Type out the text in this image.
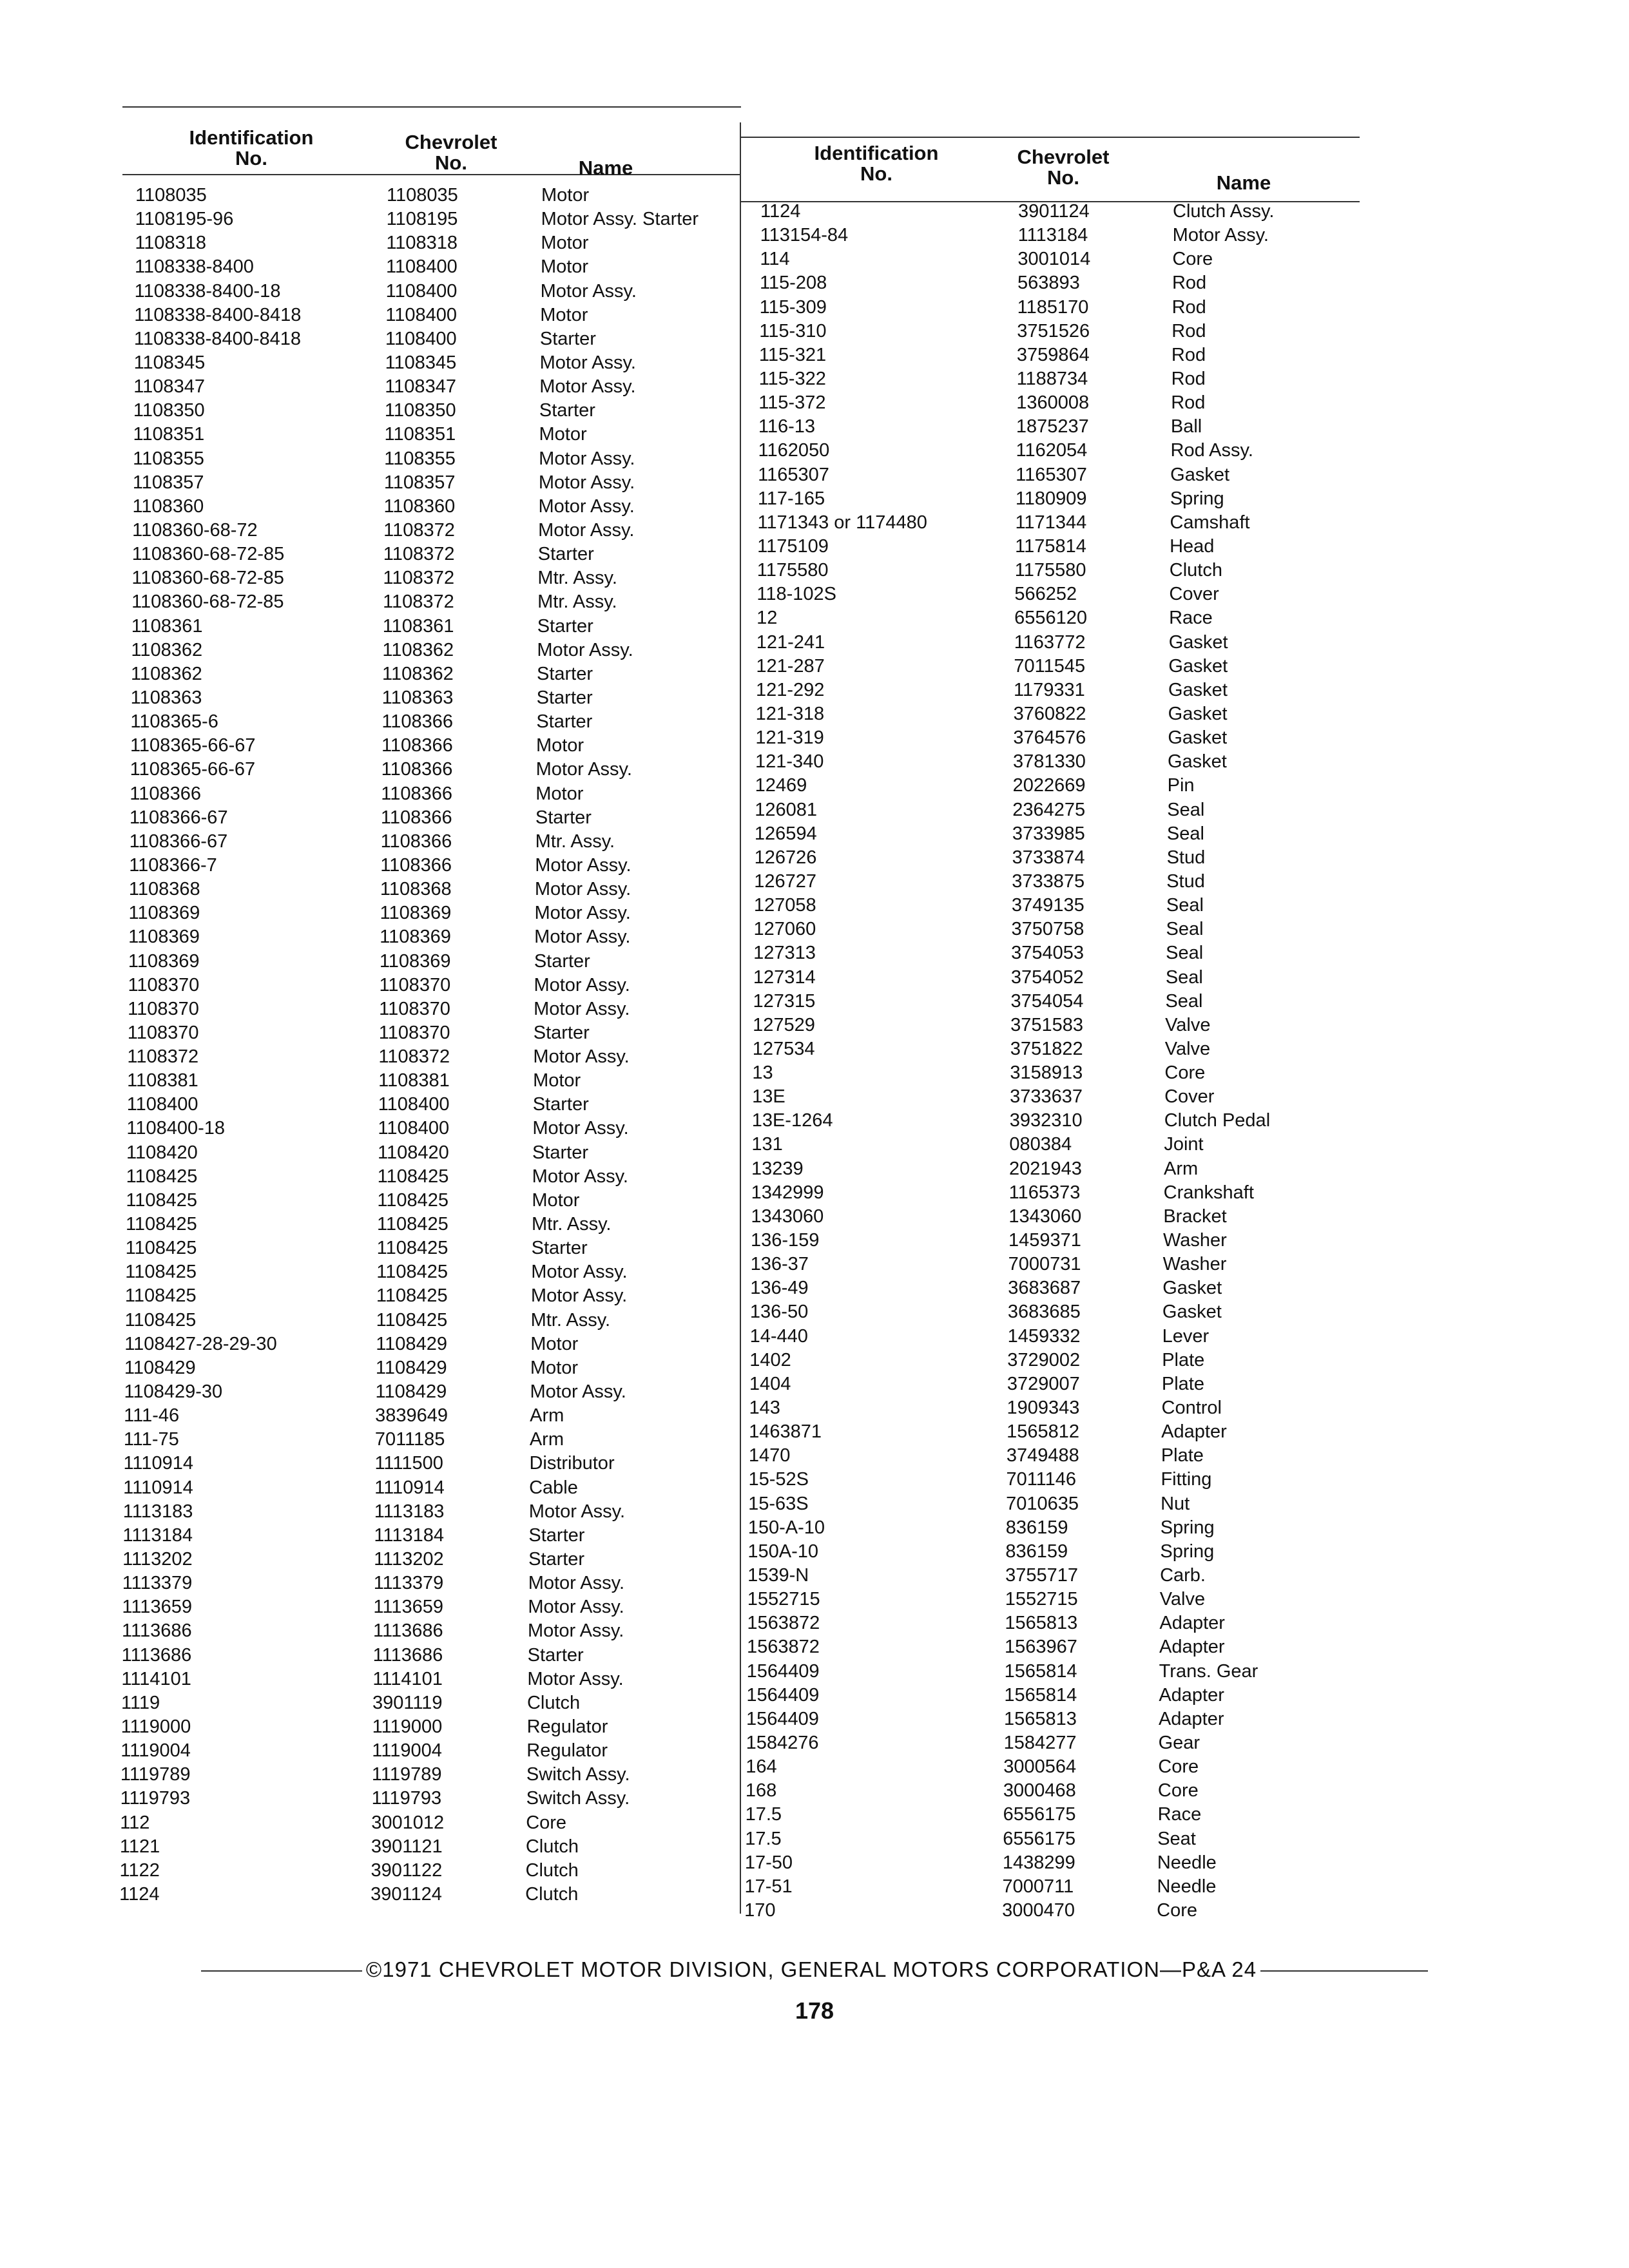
Identification
No.
Chevrolet
No.	Name
Identification
No.
Chevrolet
No.	Name
1108035	1108035	Motor
1108195-96	1108195	Motor Assy. Starter
1108318	1108318	Motor
1108338-8400	1108400	Motor
1108338-8400-18	1108400	Motor Assy.
1108338-8400-8418	1108400	Motor
1108338-8400-8418	1108400	Starter
1108345	1108345	Motor Assy.
1108347	1108347	Motor Assy.
1108350	1108350	Starter
1108351	1108351	Motor
1108355	1108355	Motor Assy.
1108357	1108357	Motor Assy.
1108360	1108360	Motor Assy.
1108360-68-72	1108372	Motor Assy.
1108360-68-72-85	1108372	Starter
1108360-68-72-85	1108372	Mtr. Assy.
1108360-68-72-85	1108372	Mtr. Assy.
1108361	1108361	Starter
1108362	1108362	Motor Assy.
1108362	1108362	Starter
1108363	1108363	Starter
1108365-6	1108366	Starter
1108365-66-67	1108366	Motor
1108365-66-67	1108366	Motor Assy.
1108366	1108366	Motor
1108366-67	1108366	Starter
1108366-67	1108366	Mtr. Assy.
1108366-7	1108366	Motor Assy.
1108368	1108368	Motor Assy.
1108369	1108369	Motor Assy.
1108369	1108369	Motor Assy.
1108369	1108369	Starter
1108370	1108370	Motor Assy.
1108370	1108370	Motor Assy.
1108370	1108370	Starter
1108372	1108372	Motor Assy.
1108381	1108381	Motor
1108400	1108400	Starter
1108400-18	1108400	Motor Assy.
1108420	1108420	Starter
1108425	1108425	Motor Assy.
1108425	1108425	Motor
1108425	1108425	Mtr. Assy.
1108425	1108425	Starter
1108425	1108425	Motor Assy.
1108425	1108425	Motor Assy.
1108425	1108425	Mtr. Assy.
1108427-28-29-30	1108429	Motor
1108429	1108429	Motor
1108429-30	1108429	Motor Assy.
111-46	3839649	Arm
111-75	7011185	Arm
1110914	1111500	Distributor
1110914	1110914	Cable
1113183	1113183	Motor Assy.
1113184	1113184	Starter
1113202	1113202	Starter
1113379	1113379	Motor Assy.
1113659	1113659	Motor Assy.
1113686	1113686	Motor Assy.
1113686	1113686	Starter
1114101	1114101	Motor Assy.
1119	3901119	Clutch
1119000	1119000	Regulator
1119004	1119004	Regulator
1119789	1119789	Switch Assy.
1119793	1119793	Switch Assy.
112	3001012	Core
1121	3901121	Clutch
1122	3901122	Clutch
1124	3901124	Clutch
1124	3901124	Clutch Assy.
113154-84	1113184	Motor Assy.
114	3001014	Core
115-208	563893	Rod
115-309	1185170	Rod
115-310	3751526	Rod
115-321	3759864	Rod
115-322	1188734	Rod
115-372	1360008	Rod
116-13	1875237	Ball
1162050	1162054	Rod Assy.
1165307	1165307	Gasket
117-165	1180909	Spring
1171343 or 1174480	1171344	Camshaft
1175109	1175814	Head
1175580	1175580	Clutch
118-102S	566252	Cover
12	6556120	Race
121-241	1163772	Gasket
121-287	7011545	Gasket
121-292	1179331	Gasket
121-318	3760822	Gasket
121-319	3764576	Gasket
121-340	3781330	Gasket
12469	2022669	Pin
126081	2364275	Seal
126594	3733985	Seal
126726	3733874	Stud
126727	3733875	Stud
127058	3749135	Seal
127060	3750758	Seal
127313	3754053	Seal
127314	3754052	Seal
127315	3754054	Seal
127529	3751583	Valve
127534	3751822	Valve
13	3158913	Core
13E	3733637	Cover
13E-1264	3932310	Clutch Pedal
131	080384	Joint
13239	2021943	Arm
1342999	1165373	Crankshaft
1343060	1343060	Bracket
136-159	1459371	Washer
136-37	7000731	Washer
136-49	3683687	Gasket
136-50	3683685	Gasket
14-440	1459332	Lever
1402	3729002	Plate
1404	3729007	Plate
143	1909343	Control
1463871	1565812	Adapter
1470	3749488	Plate
15-52S	7011146	Fitting
15-63S	7010635	Nut
150-A-10	836159	Spring
150A-10	836159	Spring
1539-N	3755717	Carb.
1552715	1552715	Valve
1563872	1565813	Adapter
1563872	1563967	Adapter
1564409	1565814	Trans. Gear
1564409	1565814	Adapter
1564409	1565813	Adapter
1584276	1584277	Gear
164	3000564	Core
168	3000468	Core
17.5	6556175	Race
17.5	6556175	Seat
17-50	1438299	Needle
17-51	7000711	Needle
170	3000470	Core
©1971 CHEVROLET MOTOR DIVISION, GENERAL MOTORS CORPORATION—P&A 24
178
